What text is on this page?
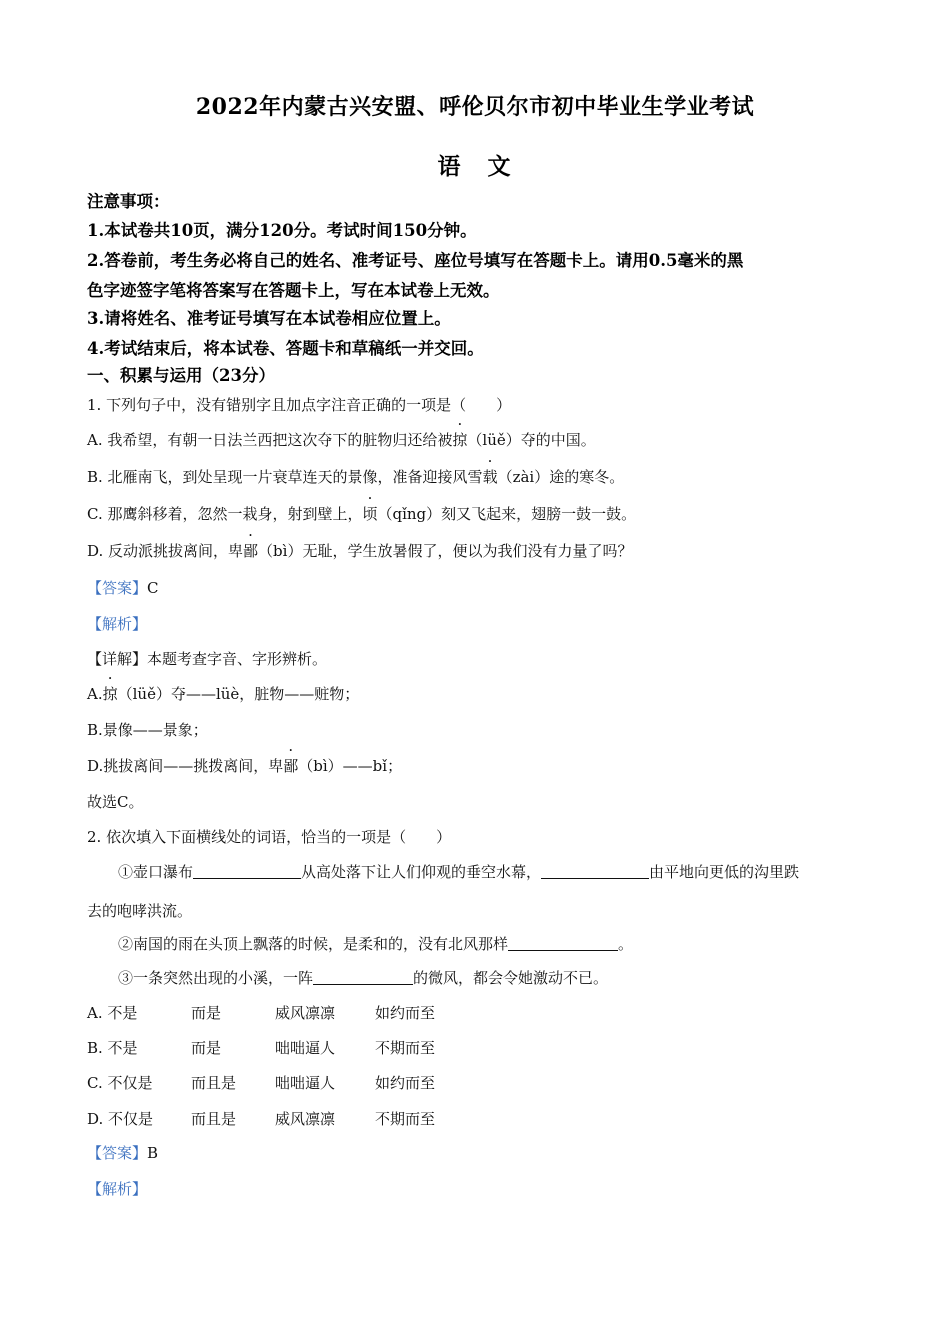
2022年内蒙古兴安盟、呼伦贝尔市初中毕业生学业考试
语　文
注意事项：
1.本试卷共10页，满分120分。考试时间150分钟。
2.答卷前，考生务必将自己的姓名、准考证号、座位号填写在答题卡上。请用0.5毫米的黑
色字迹签字笔将答案写在答题卡上，写在本试卷上无效。
3.请将姓名、准考证号填写在本试卷相应位置上。
4.考试结束后，将本试卷、答题卡和草稿纸一并交回。
一、积累与运用（23分）
1. 下列句子中，没有错别字且加点字注音正确的一项是（　　）
A. 我希望，有朝一日法兰西把这次夺下的脏物归还给被掠（lüě）夺的中国。
B. 北雁南飞，到处呈现一片衰草连天的景像，准备迎接风雪载（zài）途的寒冬。
C. 那鹰斜移着，忽然一栽身，射到壁上，顷（qǐng）刻又飞起来，翅膀一鼓一鼓。
D. 反动派挑拔离间，卑鄙（bì）无耻，学生放暑假了，便以为我们没有力量了吗？
【答案】C
【解析】
【详解】本题考查字音、字形辨析。
A.掠（lüě）夺——lüè，脏物——赃物；
B.景像——景象；
D.挑拔离间——挑拨离间，卑鄙（bì）——bǐ；
故选C。
2. 依次填入下面横线处的词语，恰当的一项是（　　）
①壶口瀑布	从高处落下让人们仰观的垂空水幕，	由平地向更低的沟里跌
去的咆哮洪流。
②南国的雨在头顶上飘落的时候，是柔和的，没有北风那样	。
③一条突然出现的小溪，一阵	的微风，都会令她激动不已。
A. 不是	而是	威风凛凛	如约而至
B. 不是	而是	咄咄逼人	不期而至
C. 不仅是	而且是	咄咄逼人	如约而至
D. 不仅是	而且是	威风凛凛	不期而至
【答案】B
【解析】
